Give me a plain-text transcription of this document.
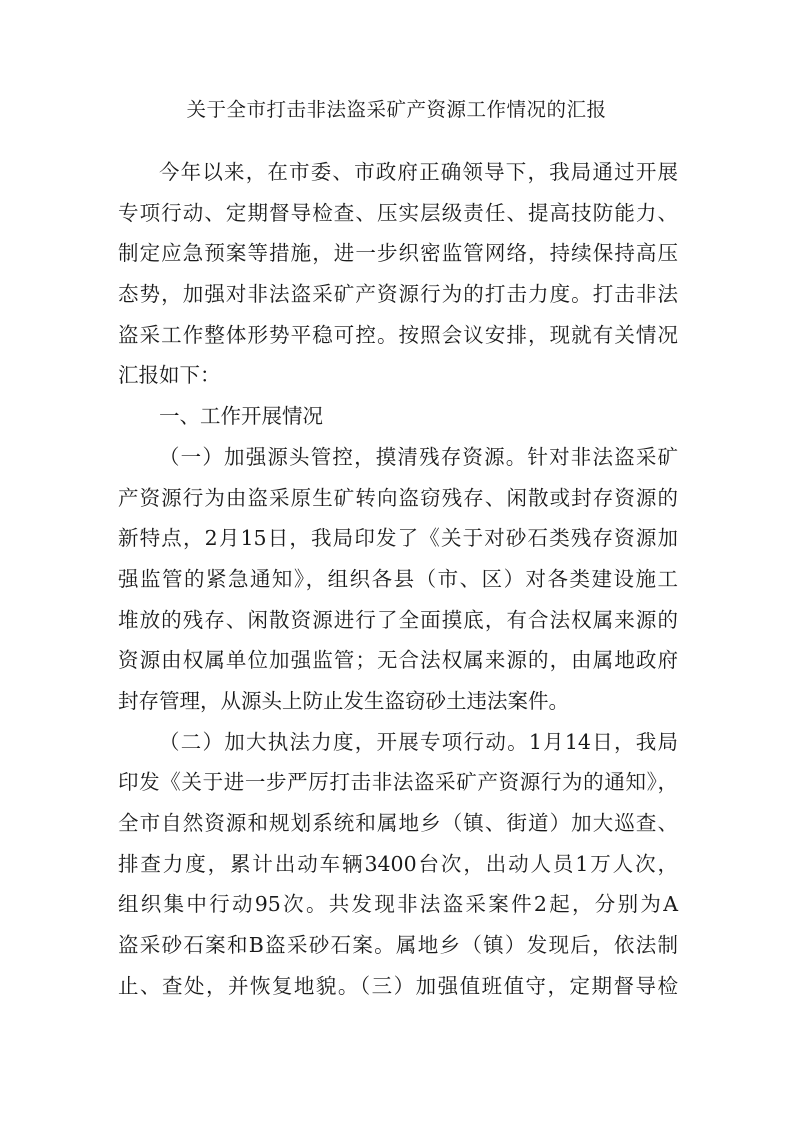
关于全市打击非法盗采矿产资源工作情况的汇报
今年以来，在市委、市政府正确领导下，我局通过开展
专项行动、定期督导检查、压实层级责任、提高技防能力、
制定应急预案等措施，进一步织密监管网络，持续保持高压
态势，加强对非法盗采矿产资源行为的打击力度。打击非法
盗采工作整体形势平稳可控。按照会议安排，现就有关情况
汇报如下：
一、工作开展情况
（一）加强源头管控，摸清残存资源。针对非法盗采矿
产资源行为由盗采原生矿转向盗窃残存、闲散或封存资源的
新特点，2月15日，我局印发了《关于对砂石类残存资源加
强监管的紧急通知》，组织各县（市、区）对各类建设施工
堆放的残存、闲散资源进行了全面摸底，有合法权属来源的
资源由权属单位加强监管；无合法权属来源的，由属地政府
封存管理，从源头上防止发生盗窃砂土违法案件。
（二）加大执法力度，开展专项行动。1月14日，我局
印发《关于进一步严厉打击非法盗采矿产资源行为的通知》，
全市自然资源和规划系统和属地乡（镇、街道）加大巡查、
排查力度，累计出动车辆3400台次，出动人员1万人次，
组织集中行动95次。共发现非法盗采案件2起，分别为A
盗采砂石案和B盗采砂石案。属地乡（镇）发现后，依法制
止、查处，并恢复地貌。（三）加强值班值守，定期督导检
